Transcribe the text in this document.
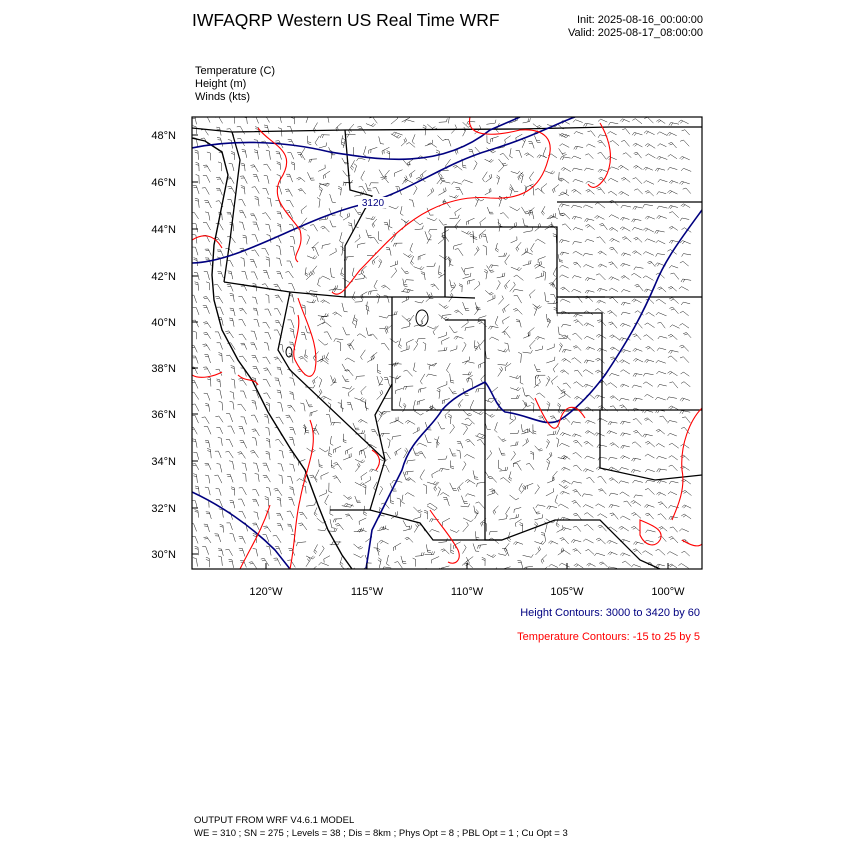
IWFAQRP Western US Real Time WRF	Init: 2025-08-16_00:00:00
Valid: 2025-08-17_08:00:00
Temperature (C)
Height (m)
Winds (kts)
3120
48°N
46°N
44°N
42°N
40°N
38°N
36°N
34°N
32°N
30°N
120°W	115°W	110°W	105°W	100°W
Height Contours: 3000 to 3420 by 60
Temperature Contours: -15 to 25 by 5
OUTPUT FROM WRF V4.6.1 MODEL
WE = 310 ; SN = 275 ; Levels = 38 ; Dis = 8km ; Phys Opt = 8 ; PBL Opt = 1 ; Cu Opt = 3
